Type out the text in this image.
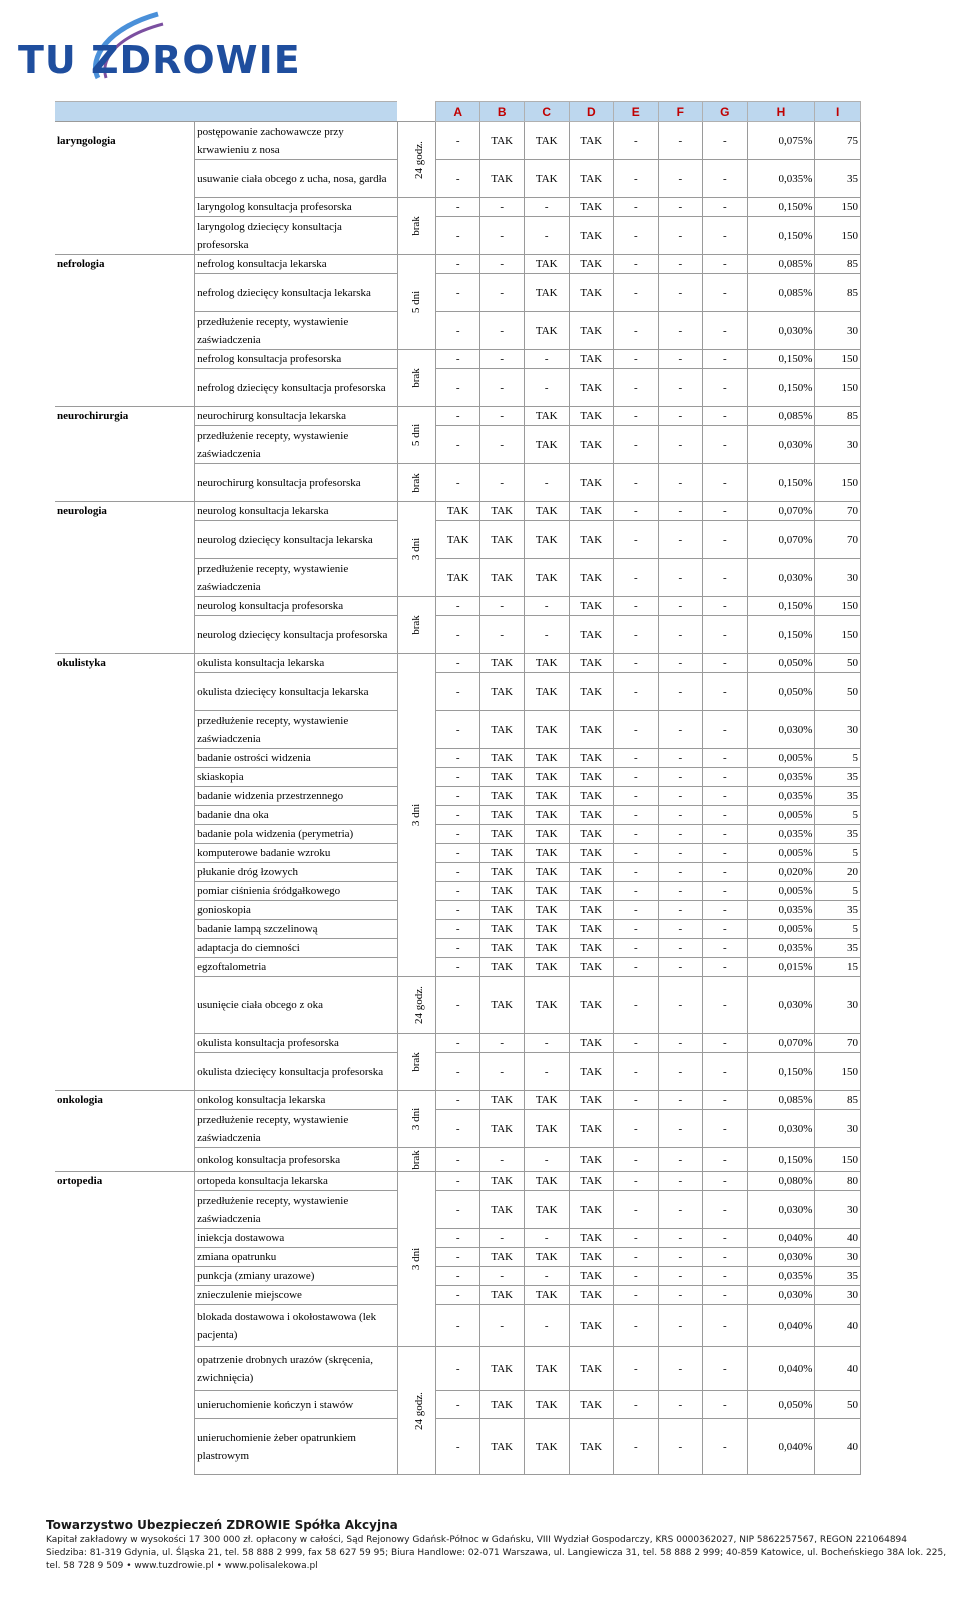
TU ZDROWIE
			A	B	C	D	E	F	G	H	I
laryngologia	postępowanie zachowawcze przy krwawieniu z nosa	24 godz.	-	TAK	TAK	TAK	-	-	-	0,075%	75
	usuwanie ciała obcego z ucha, nosa, gardła		-	TAK	TAK	TAK	-	-	-	0,035%	35
	laryngolog konsultacja profesorska	brak	-	-	-	TAK	-	-	-	0,150%	150
	laryngolog dziecięcy konsultacja profesorska		-	-	-	TAK	-	-	-	0,150%	150
nefrologia	nefrolog konsultacja lekarska	5 dni	-	-	TAK	TAK	-	-	-	0,085%	85
	nefrolog dziecięcy konsultacja lekarska		-	-	TAK	TAK	-	-	-	0,085%	85
	przedłużenie recepty, wystawienie zaświadczenia		-	-	TAK	TAK	-	-	-	0,030%	30
	nefrolog konsultacja profesorska	brak	-	-	-	TAK	-	-	-	0,150%	150
	nefrolog dziecięcy konsultacja profesorska		-	-	-	TAK	-	-	-	0,150%	150
neurochirurgia	neurochirurg konsultacja lekarska	5 dni	-	-	TAK	TAK	-	-	-	0,085%	85
	przedłużenie recepty, wystawienie zaświadczenia		-	-	TAK	TAK	-	-	-	0,030%	30
	neurochirurg konsultacja profesorska	brak	-	-	-	TAK	-	-	-	0,150%	150
neurologia	neurolog konsultacja lekarska	3 dni	TAK	TAK	TAK	TAK	-	-	-	0,070%	70
	neurolog dziecięcy konsultacja lekarska		TAK	TAK	TAK	TAK	-	-	-	0,070%	70
	przedłużenie recepty, wystawienie zaświadczenia		TAK	TAK	TAK	TAK	-	-	-	0,030%	30
	neurolog konsultacja profesorska	brak	-	-	-	TAK	-	-	-	0,150%	150
	neurolog dziecięcy konsultacja profesorska		-	-	-	TAK	-	-	-	0,150%	150
okulistyka	okulista konsultacja lekarska	3 dni	-	TAK	TAK	TAK	-	-	-	0,050%	50
	okulista dziecięcy konsultacja lekarska		-	TAK	TAK	TAK	-	-	-	0,050%	50
	przedłużenie recepty, wystawienie zaświadczenia		-	TAK	TAK	TAK	-	-	-	0,030%	30
	badanie ostrości widzenia		-	TAK	TAK	TAK	-	-	-	0,005%	5
	skiaskopia		-	TAK	TAK	TAK	-	-	-	0,035%	35
	badanie widzenia przestrzennego		-	TAK	TAK	TAK	-	-	-	0,035%	35
	badanie dna oka		-	TAK	TAK	TAK	-	-	-	0,005%	5
	badanie pola widzenia (perymetria)		-	TAK	TAK	TAK	-	-	-	0,035%	35
	komputerowe badanie wzroku		-	TAK	TAK	TAK	-	-	-	0,005%	5
	płukanie dróg łzowych		-	TAK	TAK	TAK	-	-	-	0,020%	20
	pomiar ciśnienia śródgałkowego		-	TAK	TAK	TAK	-	-	-	0,005%	5
	gonioskopia		-	TAK	TAK	TAK	-	-	-	0,035%	35
	badanie lampą szczelinową		-	TAK	TAK	TAK	-	-	-	0,005%	5
	adaptacja do ciemności		-	TAK	TAK	TAK	-	-	-	0,035%	35
	egzoftalometria		-	TAK	TAK	TAK	-	-	-	0,015%	15
	usunięcie ciała obcego z oka	24 godz.	-	TAK	TAK	TAK	-	-	-	0,030%	30
	okulista konsultacja profesorska	brak	-	-	-	TAK	-	-	-	0,070%	70
	okulista dziecięcy konsultacja profesorska		-	-	-	TAK	-	-	-	0,150%	150
onkologia	onkolog konsultacja lekarska	3 dni	-	TAK	TAK	TAK	-	-	-	0,085%	85
	przedłużenie recepty, wystawienie zaświadczenia		-	TAK	TAK	TAK	-	-	-	0,030%	30
	onkolog konsultacja profesorska	brak	-	-	-	TAK	-	-	-	0,150%	150
ortopedia	ortopeda konsultacja lekarska	3 dni	-	TAK	TAK	TAK	-	-	-	0,080%	80
	przedłużenie recepty, wystawienie zaświadczenia		-	TAK	TAK	TAK	-	-	-	0,030%	30
	iniekcja dostawowa		-	-	-	TAK	-	-	-	0,040%	40
	zmiana opatrunku		-	TAK	TAK	TAK	-	-	-	0,030%	30
	punkcja (zmiany urazowe)		-	-	-	TAK	-	-	-	0,035%	35
	znieczulenie miejscowe		-	TAK	TAK	TAK	-	-	-	0,030%	30
	blokada dostawowa i okołostawowa (lek pacjenta)		-	-	-	TAK	-	-	-	0,040%	40
	opatrzenie drobnych urazów (skręcenia, zwichnięcia)	24 godz.	-	TAK	TAK	TAK	-	-	-	0,040%	40
	unieruchomienie kończyn i stawów		-	TAK	TAK	TAK	-	-	-	0,050%	50
	unieruchomienie żeber opatrunkiem plastrowym		-	TAK	TAK	TAK	-	-	-	0,040%	40
Towarzystwo Ubezpieczeń ZDROWIE Spółka Akcyjna
Kapitał zakładowy w wysokości 17 300 000 zł. opłacony w całości, Sąd Rejonowy Gdańsk-Północ w Gdańsku, VIII Wydział Gospodarczy, KRS 0000362027, NIP 5862257567, REGON 221064894
Siedziba: 81-319 Gdynia, ul. Śląska 21, tel. 58 888 2 999, fax 58 627 59 95; Biura Handlowe: 02-071 Warszawa, ul. Langiewicza 31, tel. 58 888 2 999; 40-859 Katowice, ul. Bocheńskiego 38A lok. 225,
tel. 58 728 9 509 • www.tuzdrowie.pl • www.polisalekowa.pl
